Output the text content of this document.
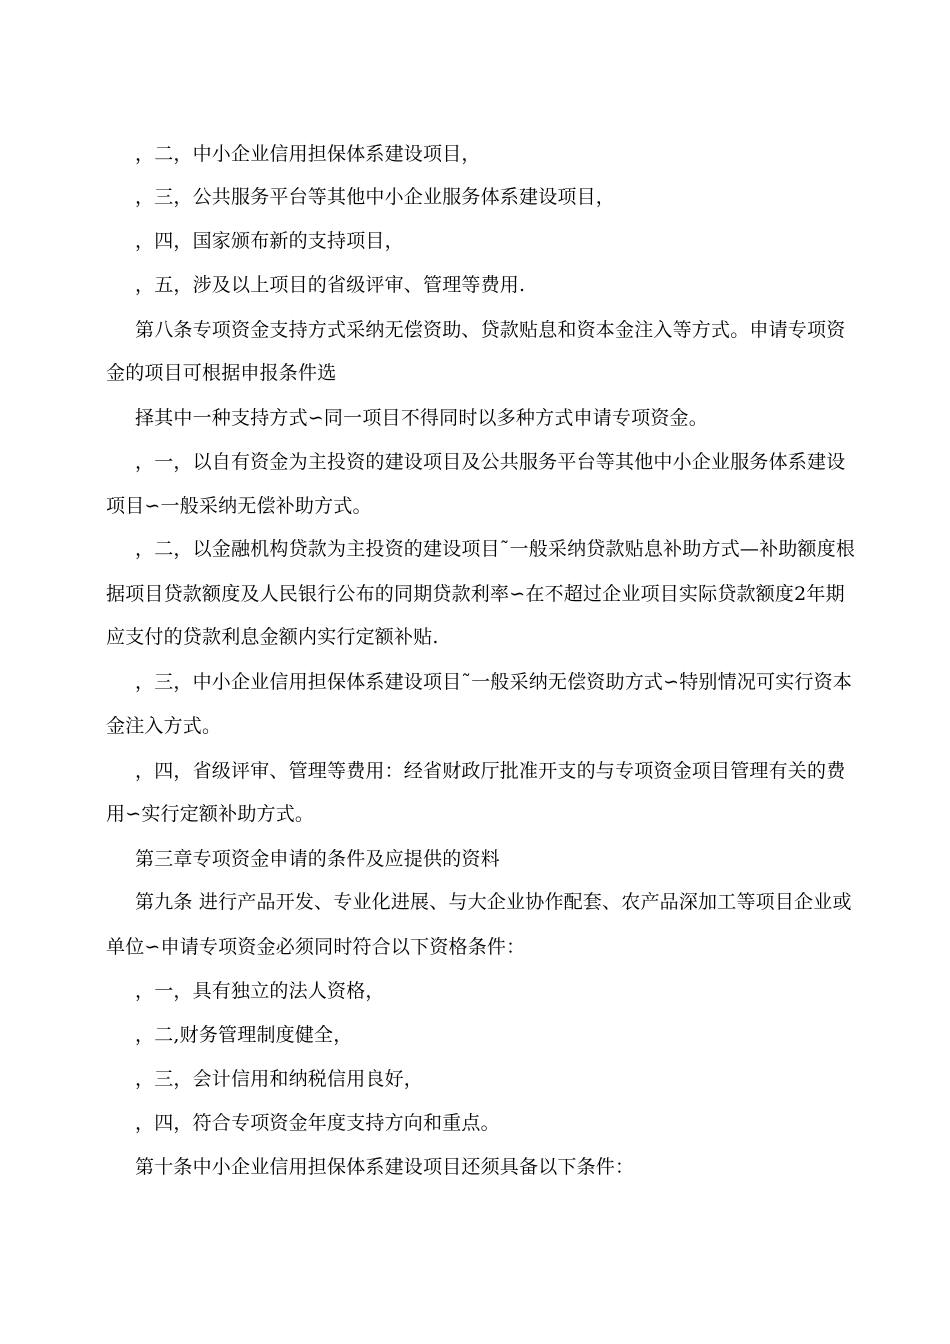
，二，中小企业信用担保体系建设项目，
，三，公共服务平台等其他中小企业服务体系建设项目，
，四，国家颁布新的支持项目，
，五，涉及以上项目的省级评审、管理等费用.
第八条专项资金支持方式采纳无偿资助、贷款贴息和资本金注入等方式。申请专项资
金的项目可根据申报条件选
择其中一种支持方式∽同一项目不得同时以多种方式申请专项资金。
，一，以自有资金为主投资的建设项目及公共服务平台等其他中小企业服务体系建设
项目∽一般采纳无偿补助方式。
，二，以金融机构贷款为主投资的建设项目˜一般采纳贷款贴息补助方式—补助额度根
据项目贷款额度及人民银行公布的同期贷款利率∽在不超过企业项目实际贷款额度2年期
应支付的贷款利息金额内实行定额补贴.
，三，中小企业信用担保体系建设项目˜一般采纳无偿资助方式∽特别情况可实行资本
金注入方式。
，四，省级评审、管理等费用：经省财政厅批准开支的与专项资金项目管理有关的费
用∽实行定额补助方式。
第三章专项资金申请的条件及应提供的资料
第九条 进行产品开发、专业化进展、与大企业协作配套、农产品深加工等项目企业或
单位∽申请专项资金必须同时符合以下资格条件：
，一，具有独立的法人资格，
，二,财务管理制度健全，
，三，会计信用和纳税信用良好，
，四，符合专项资金年度支持方向和重点。
第十条中小企业信用担保体系建设项目还须具备以下条件：
